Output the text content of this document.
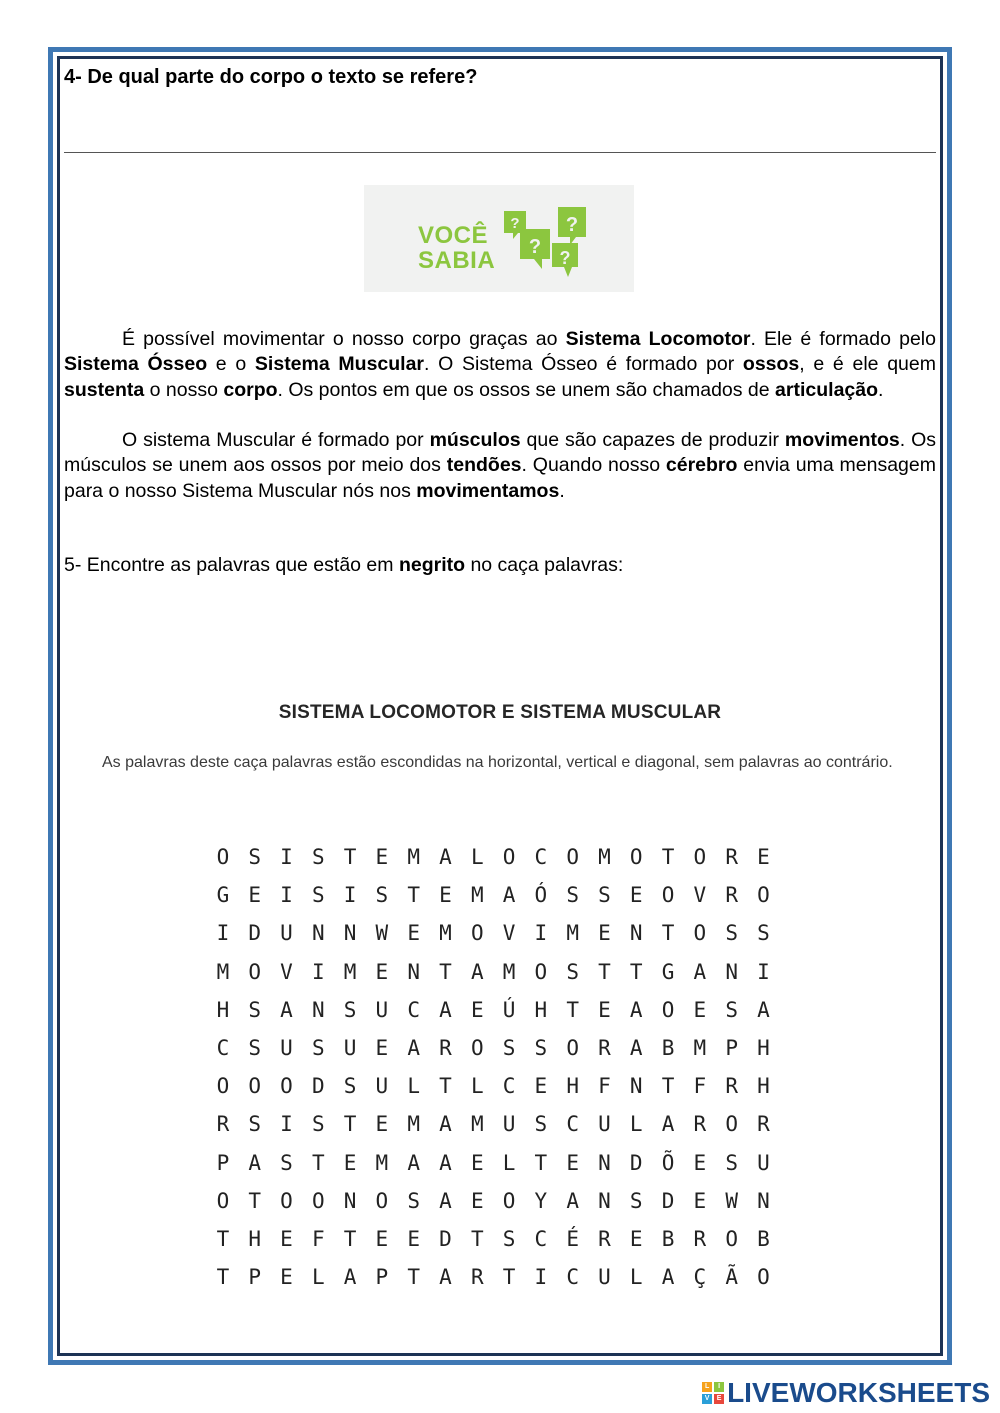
4- De qual parte do corpo o texto se refere?
VOCÊ
SABIA
? ?
? ?
É possível movimentar o nosso corpo graças ao Sistema Locomotor. Ele é formado pelo Sistema Ósseo e o Sistema Muscular. O Sistema Ósseo é formado por ossos, e é ele quem sustenta o nosso corpo. Os pontos em que os ossos se unem são chamados de articulação.
O sistema Muscular é formado por músculos que são capazes de produzir movimentos. Os músculos se unem aos ossos por meio dos tendões. Quando nosso cérebro envia uma mensagem para o nosso Sistema Muscular nós nos movimentamos.
5- Encontre as palavras que estão em negrito no caça palavras:
SISTEMA LOCOMOTOR E SISTEMA MUSCULAR
As palavras deste caça palavras estão escondidas na horizontal, vertical e diagonal, sem palavras ao contrário.
O S I S T E M A L O C O M O T O R E
G E I S I S T E M A Ó S S E O V R O
I D U N N W E M O V I M E N T O S S
M O V I M E N T A M O S T T G A N I
H S A N S U C A E Ú H T E A O E S A
C S U S U E A R O S S O R A B M P H
O O O D S U L T L C E H F N T F R H
R S I S T E M A M U S C U L A R O R
P A S T E M A A E L T E N D Õ E S U
O T O O N O S A E O Y A N S D E W N
T H E F T E E D T S C É R E B R O B
T P E L A P T A R T I C U L A Ç Ã O
L	I
V	E LIVEWORKSHEETS
